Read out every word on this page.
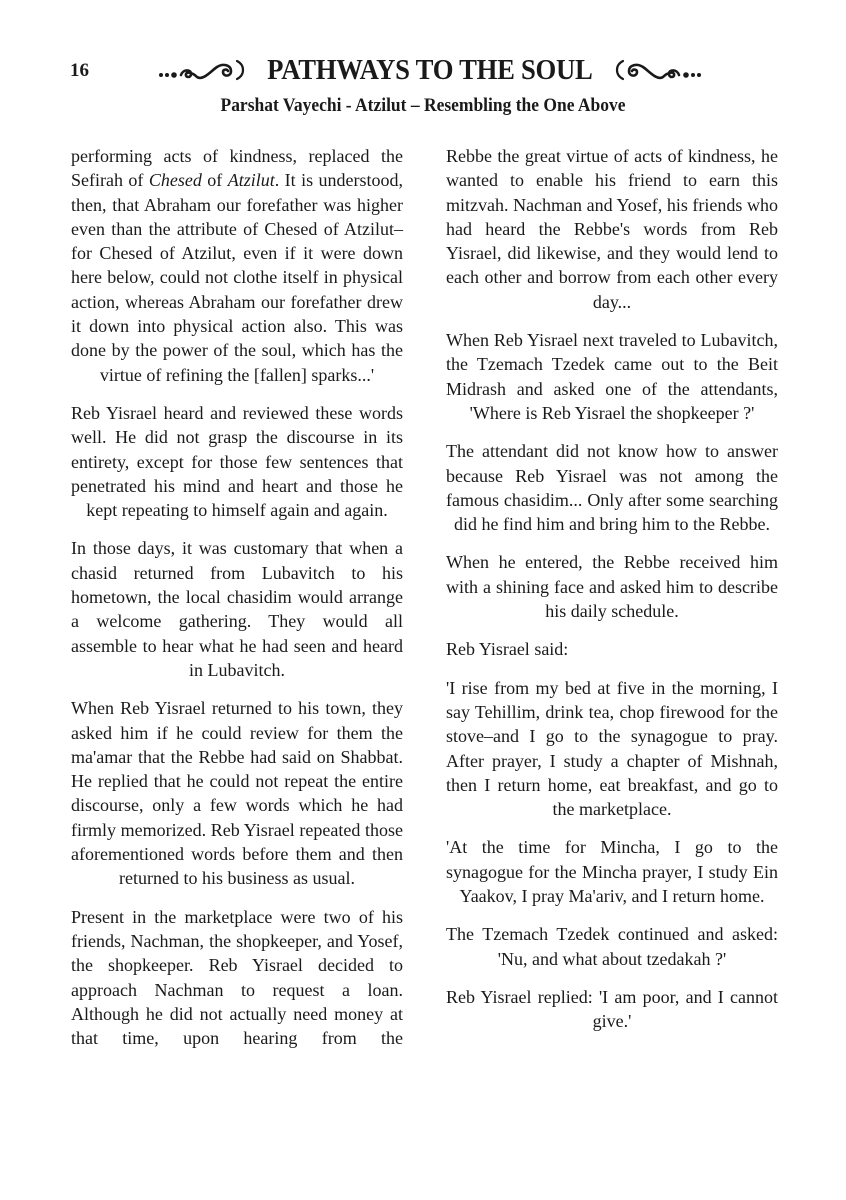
16	PATHWAYS TO THE SOUL
Parshat Vayechi - Atzilut – Resembling the One Above

performing acts of kindness, replaced the Sefirah of Chesed of Atzilut. It is understood, then, that Abraham our forefather was higher even than the attribute of Chesed of Atzilut–for Chesed of Atzilut, even if it were down here below, could not clothe itself in physical action, whereas Abraham our forefather drew it down into physical action also. This was done by the power of the soul, which has the virtue of refining the [fallen] sparks...'

Reb Yisrael heard and reviewed these words well. He did not grasp the discourse in its entirety, except for those few sentences that penetrated his mind and heart and those he kept repeating to himself again and again.

In those days, it was customary that when a chasid returned from Lubavitch to his hometown, the local chasidim would arrange a welcome gathering. They would all assemble to hear what he had seen and heard in Lubavitch.

When Reb Yisrael returned to his town, they asked him if he could review for them the ma'amar that the Rebbe had said on Shabbat. He replied that he could not repeat the entire discourse, only a few words which he had firmly memorized. Reb Yisrael repeated those aforementioned words before them and then returned to his business as usual.

Present in the marketplace were two of his friends, Nachman, the shopkeeper, and Yosef, the shopkeeper. Reb Yisrael decided to approach Nachman to request a loan. Although he did not actually need money at that time, upon hearing from the

Rebbe the great virtue of acts of kindness, he wanted to enable his friend to earn this mitzvah. Nachman and Yosef, his friends who had heard the Rebbe's words from Reb Yisrael, did likewise, and they would lend to each other and borrow from each other every day...

When Reb Yisrael next traveled to Lubavitch, the Tzemach Tzedek came out to the Beit Midrash and asked one of the attendants, 'Where is Reb Yisrael the shopkeeper ?'

The attendant did not know how to answer because Reb Yisrael was not among the famous chasidim... Only after some searching did he find him and bring him to the Rebbe.

When he entered, the Rebbe received him with a shining face and asked him to describe his daily schedule.

Reb Yisrael said:

'I rise from my bed at five in the morning, I say Tehillim, drink tea, chop firewood for the stove–and I go to the synagogue to pray. After prayer, I study a chapter of Mishnah, then I return home, eat breakfast, and go to the marketplace.

'At the time for Mincha, I go to the synagogue for the Mincha prayer, I study Ein Yaakov, I pray Ma'ariv, and I return home.

The Tzemach Tzedek continued and asked: 'Nu, and what about tzedakah ?'

Reb Yisrael replied: 'I am poor, and I cannot give.'
